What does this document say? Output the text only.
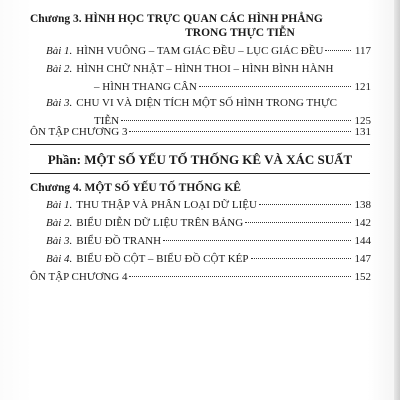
Chương 3. HÌNH HỌC TRỰC QUAN CÁC HÌNH PHẲNG
TRONG THỰC TIỄN
Bài 1. HÌNH VUÔNG – TAM GIÁC ĐỀU – LỤC GIÁC ĐỀU	117
Bài 2. HÌNH CHỮ NHẬT – HÌNH THOI – HÌNH BÌNH HÀNH
– HÌNH THANG CÂN	121
Bài 3. CHU VI VÀ DIỆN TÍCH MỘT SỐ HÌNH TRONG THỰC
TIỄN	125
ÔN TẬP CHƯƠNG 3	131
Phần: MỘT SỐ YẾU TỐ THỐNG KÊ VÀ XÁC SUẤT
Chương 4. MỘT SỐ YẾU TỐ THỐNG KÊ
Bài 1. THU THẬP VÀ PHÂN LOẠI DỮ LIỆU	138
Bài 2. BIỂU DIỄN DỮ LIỆU TRÊN BẢNG	142
Bài 3. BIỂU ĐỒ TRANH	144
Bài 4. BIỂU ĐỒ CỘT – BIỂU ĐỒ CỘT KÉP	147
ÔN TẬP CHƯƠNG 4	152
